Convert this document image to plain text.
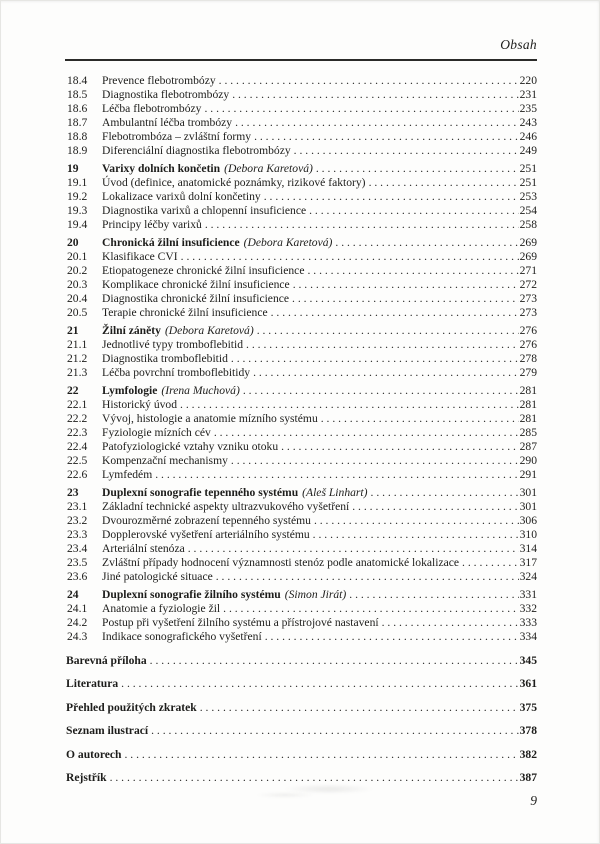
Obsah
18.4	Prevence flebotrombózy . . .	220
18.5	Diagnostika flebotrombózy . . .	231
18.6	Léčba flebotrombózy . . .	235
18.7	Ambulantní léčba trombózy . . .	243
18.8	Flebotrombóza – zvláštní formy . . .	246
18.9	Diferenciální diagnostika flebotrombózy . . .	249
19	Varixy dolních končetin (Debora Karetová) . . .	251
19.1	Úvod (definice, anatomické poznámky, rizikové faktory) . . .	251
19.2	Lokalizace varixů dolní končetiny . . .	253
19.3	Diagnostika varixů a chlopenní insuficience . . .	254
19.4	Principy léčby varixů . . .	258
20	Chronická žilní insuficience (Debora Karetová) . . .	269
20.1	Klasifikace CVI . . .	269
20.2	Etiopatogeneze chronické žilní insuficience . . .	271
20.3	Komplikace chronické žilní insuficience . . .	272
20.4	Diagnostika chronické žilní insuficience . . .	273
20.5	Terapie chronické žilní insuficience . . .	273
21	Žilní záněty (Debora Karetová) . . .	276
21.1	Jednotlivé typy tromboflebitid . . .	276
21.2	Diagnostika tromboflebitid . . .	278
21.3	Léčba povrchní tromboflebitidy . . .	279
22	Lymfologie (Irena Muchová) . . .	281
22.1	Historický úvod . . .	281
22.2	Vývoj, histologie a anatomie mízního systému . . .	281
22.3	Fyziologie mízních cév . . .	285
22.4	Patofyziologické vztahy vzniku otoku . . .	287
22.5	Kompenzační mechanismy . . .	290
22.6	Lymfedém . . .	291
23	Duplexní sonografie tepenného systému (Aleš Linhart) . . .	301
23.1	Základní technické aspekty ultrazvukového vyšetření . . .	301
23.2	Dvourozměrné zobrazení tepenného systému . . .	306
23.3	Dopplerovské vyšetření arteriálního systému . . .	310
23.4	Arteriální stenóza . . .	314
23.5	Zvláštní případy hodnocení významnosti stenóz podle anatomické lokalizace . . .	317
23.6	Jiné patologické situace . . .	324
24	Duplexní sonografie žilního systému (Simon Jirát) . . .	331
24.1	Anatomie a fyziologie žil . . .	332
24.2	Postup při vyšetření žilního systému a přístrojové nastavení . . .	333
24.3	Indikace sonografického vyšetření . . .	334
Barevná příloha . . .	345
Literatura . . .	361
Přehled použitých zkratek . . .	375
Seznam ilustrací . . .	378
O autorech . . .	382
Rejstřík . . .	387
9
